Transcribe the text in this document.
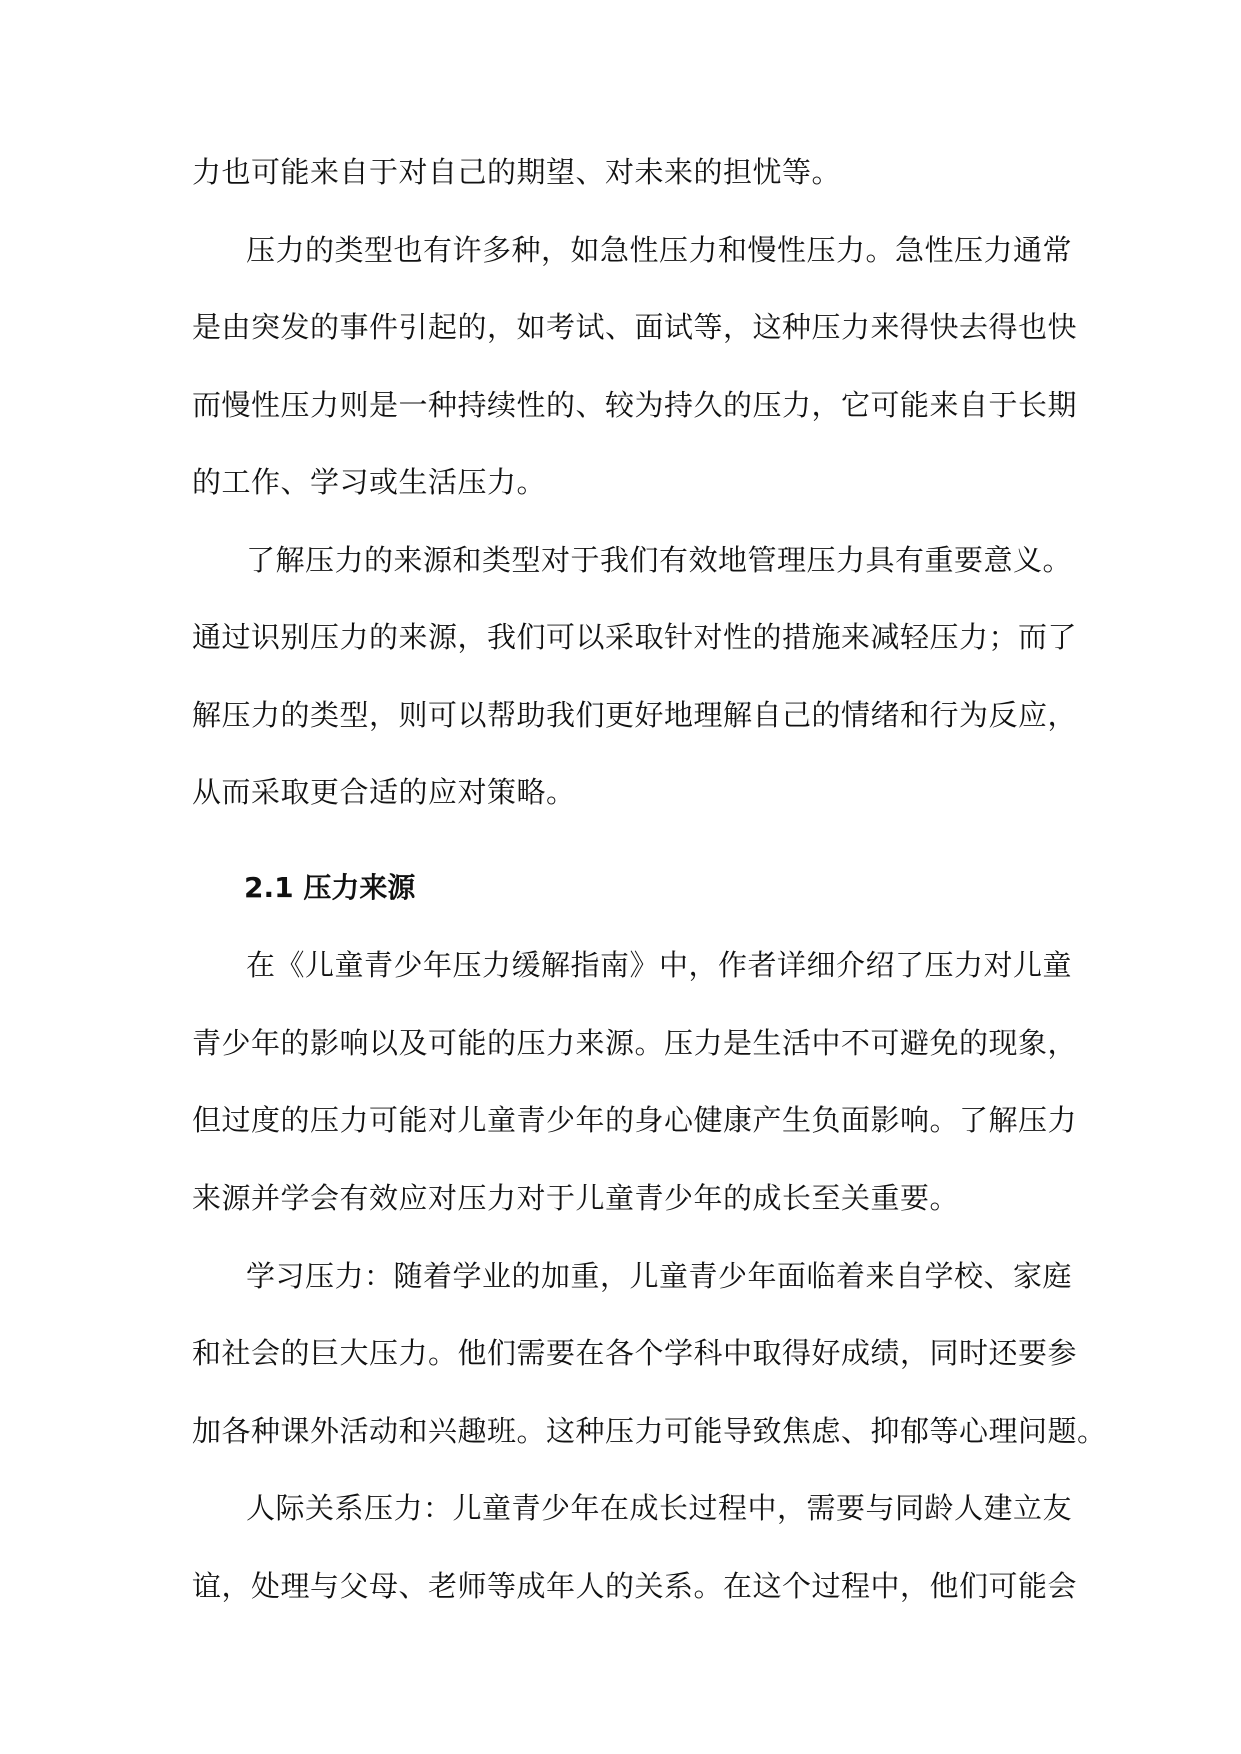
力也可能来自于对自己的期望、对未来的担忧等。
压力的类型也有许多种，如急性压力和慢性压力。急性压力通常
是由突发的事件引起的，如考试、面试等，这种压力来得快去得也快
而慢性压力则是一种持续性的、较为持久的压力，它可能来自于长期
的工作、学习或生活压力。
了解压力的来源和类型对于我们有效地管理压力具有重要意义。
通过识别压力的来源，我们可以采取针对性的措施来减轻压力；而了
解压力的类型，则可以帮助我们更好地理解自己的情绪和行为反应，
从而采取更合适的应对策略。
2.1 压力来源
在《儿童青少年压力缓解指南》中，作者详细介绍了压力对儿童
青少年的影响以及可能的压力来源。压力是生活中不可避免的现象，
但过度的压力可能对儿童青少年的身心健康产生负面影响。了解压力
来源并学会有效应对压力对于儿童青少年的成长至关重要。
学习压力：随着学业的加重，儿童青少年面临着来自学校、家庭
和社会的巨大压力。他们需要在各个学科中取得好成绩，同时还要参
加各种课外活动和兴趣班。这种压力可能导致焦虑、抑郁等心理问题。
人际关系压力：儿童青少年在成长过程中，需要与同龄人建立友
谊，处理与父母、老师等成年人的关系。在这个过程中，他们可能会
